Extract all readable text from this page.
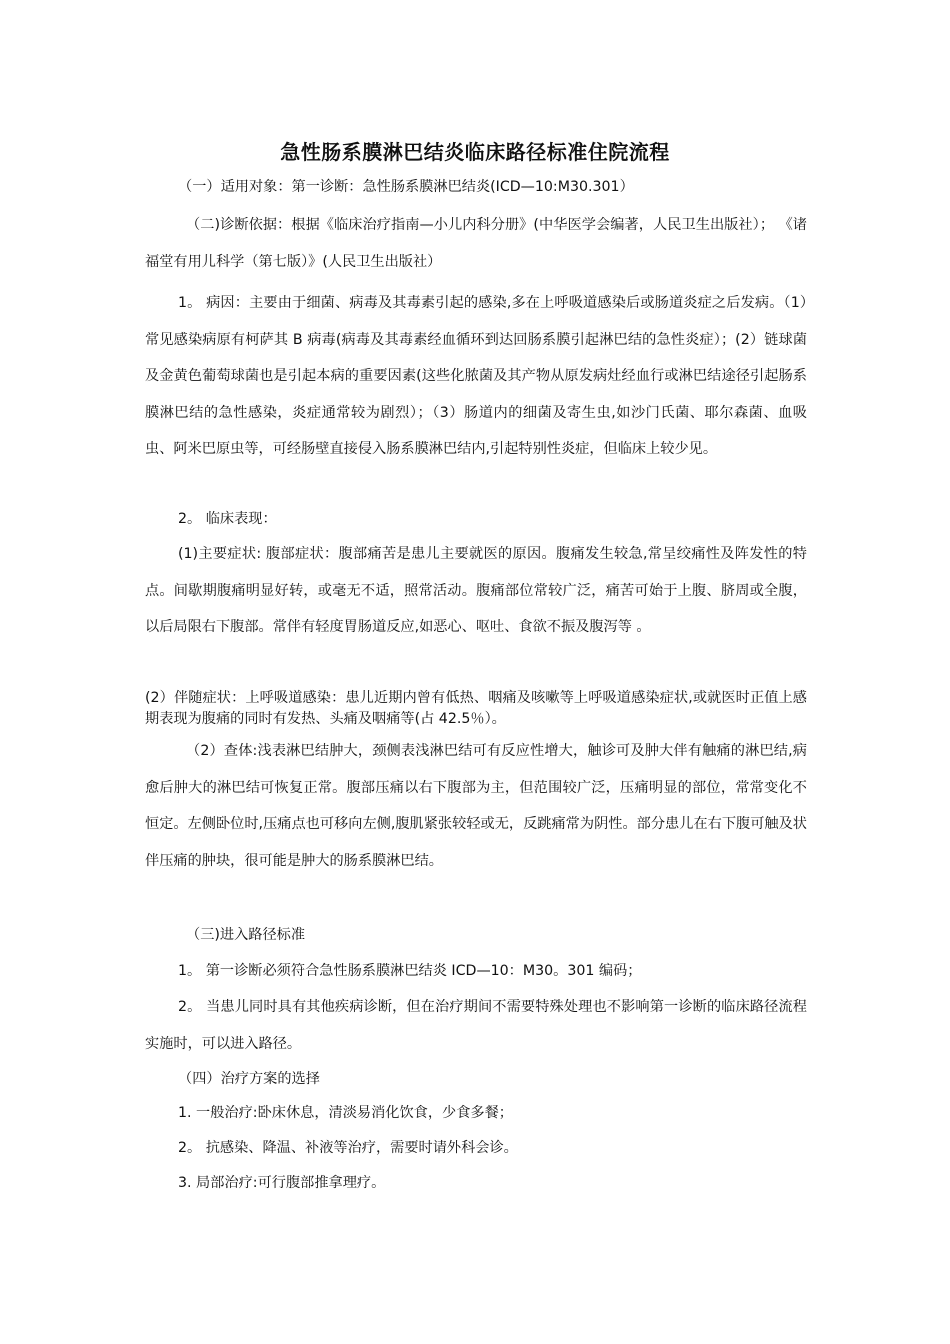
急性肠系膜淋巴结炎临床路径标准住院流程
（一）适用对象：第一诊断：急性肠系膜淋巴结炎(ICD—10:M30.301）
（二)诊断依据：根据《临床治疗指南—小儿内科分册》(中华医学会编著，人民卫生出版社）； 《诸福堂有用儿科学（第七版）》(人民卫生出版社）
1。 病因：主要由于细菌、病毒及其毒素引起的感染,多在上呼吸道感染后或肠道炎症之后发病。（1）常见感染病原有柯萨其 B 病毒(病毒及其毒素经血循环到达回肠系膜引起淋巴结的急性炎症）；(2）链球菌及金黄色葡萄球菌也是引起本病的重要因素(这些化脓菌及其产物从原发病灶经血行或淋巴结途径引起肠系膜淋巴结的急性感染，炎症通常较为剧烈）；（3）肠道内的细菌及寄生虫,如沙门氏菌、耶尔森菌、血吸虫、阿米巴原虫等，可经肠壁直接侵入肠系膜淋巴结内,引起特别性炎症，但临床上较少见。
2。 临床表现：
(1)主要症状: 腹部症状：腹部痛苦是患儿主要就医的原因。腹痛发生较急,常呈绞痛性及阵发性的特点。间歇期腹痛明显好转，或毫无不适，照常活动。腹痛部位常较广泛，痛苦可始于上腹、脐周或全腹，以后局限右下腹部。常伴有轻度胃肠道反应,如恶心、呕吐、食欲不振及腹泻等 。
(2）伴随症状：上呼吸道感染：患儿近期内曾有低热、咽痛及咳嗽等上呼吸道感染症状,或就医时正值上感期表现为腹痛的同时有发热、头痛及咽痛等(占 42.5％）。
（2）查体:浅表淋巴结肿大，颈侧表浅淋巴结可有反应性增大，触诊可及肿大伴有触痛的淋巴结,病愈后肿大的淋巴结可恢复正常。腹部压痛以右下腹部为主，但范围较广泛，压痛明显的部位，常常变化不恒定。左侧卧位时,压痛点也可移向左侧,腹肌紧张较轻或无，反跳痛常为阴性。部分患儿在右下腹可触及状伴压痛的肿块，很可能是肿大的肠系膜淋巴结。
（三)进入路径标准
1。 第一诊断必须符合急性肠系膜淋巴结炎 ICD—10：M30。301 编码；
2。 当患儿同时具有其他疾病诊断，但在治疗期间不需要特殊处理也不影响第一诊断的临床路径流程实施时，可以进入路径。
（四）治疗方案的选择
1. 一般治疗:卧床休息，清淡易消化饮食，少食多餐；
2。 抗感染、降温、补液等治疗，需要时请外科会诊。
3. 局部治疗:可行腹部推拿理疗。
